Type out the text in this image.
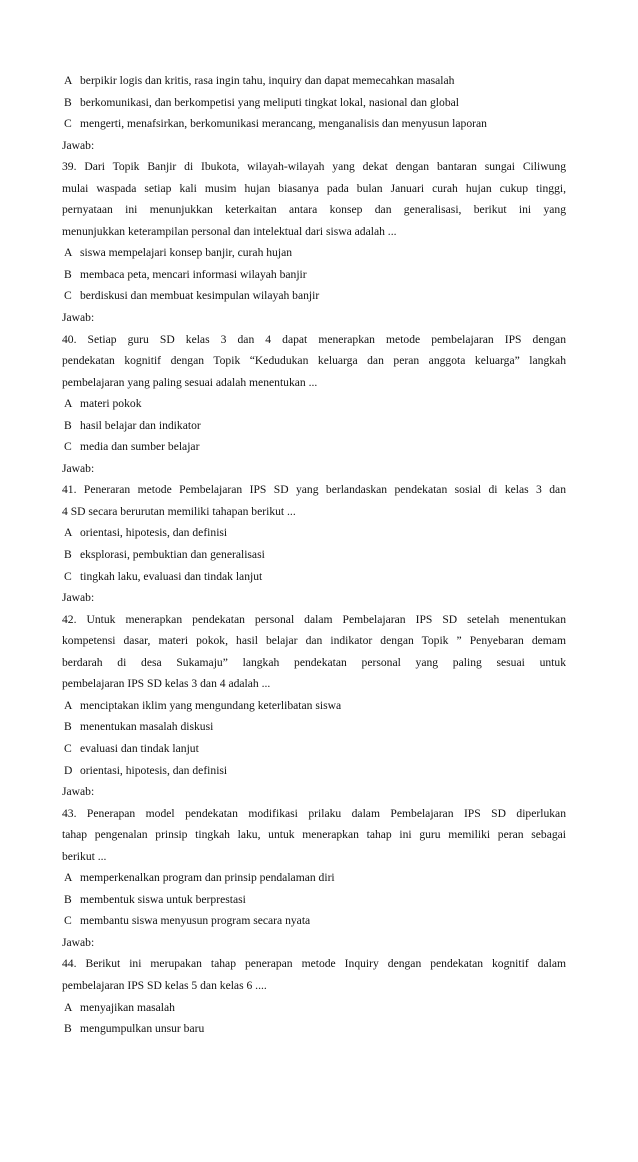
A berpikir logis dan kritis, rasa ingin tahu, inquiry dan dapat memecahkan masalah
B berkomunikasi, dan berkompetisi yang meliputi tingkat lokal, nasional dan global
C mengerti, menafsirkan, berkomunikasi merancang, menganalisis dan menyusun laporan
Jawab:
39. Dari Topik Banjir di Ibukota, wilayah-wilayah yang dekat dengan bantaran sungai Ciliwung
mulai waspada setiap kali musim hujan biasanya pada bulan Januari curah hujan cukup tinggi,
pernyataan ini menunjukkan keterkaitan antara konsep dan generalisasi, berikut ini yang
menunjukkan keterampilan personal dan intelektual dari siswa adalah ...
A siswa mempelajari konsep banjir, curah hujan
B membaca peta, mencari informasi wilayah banjir
C berdiskusi dan membuat kesimpulan wilayah banjir
Jawab:
40. Setiap guru SD kelas 3 dan 4 dapat menerapkan metode pembelajaran IPS dengan
pendekatan kognitif dengan Topik “Kedudukan keluarga dan peran anggota keluarga” langkah
pembelajaran yang paling sesuai adalah menentukan ...
A materi pokok
B hasil belajar dan indikator
C media dan sumber belajar
Jawab:
41. Peneraran metode Pembelajaran IPS SD yang berlandaskan pendekatan sosial di kelas 3 dan
4 SD secara berurutan memiliki tahapan berikut ...
A orientasi, hipotesis, dan definisi
B eksplorasi, pembuktian dan generalisasi
C tingkah laku, evaluasi dan tindak lanjut
Jawab:
42. Untuk menerapkan pendekatan personal dalam Pembelajaran IPS SD setelah menentukan
kompetensi dasar, materi pokok, hasil belajar dan indikator dengan Topik ” Penyebaran demam
berdarah di desa Sukamaju” langkah pendekatan personal yang paling sesuai untuk
pembelajaran IPS SD kelas 3 dan 4 adalah ...
A menciptakan iklim yang mengundang keterlibatan siswa
B menentukan masalah diskusi
C evaluasi dan tindak lanjut
D orientasi, hipotesis, dan definisi
Jawab:
43. Penerapan model pendekatan modifikasi prilaku dalam Pembelajaran IPS SD diperlukan
tahap pengenalan prinsip tingkah laku, untuk menerapkan tahap ini guru memiliki peran sebagai
berikut ...
A memperkenalkan program dan prinsip pendalaman diri
B membentuk siswa untuk berprestasi
C membantu siswa menyusun program secara nyata
Jawab:
44. Berikut ini merupakan tahap penerapan metode Inquiry dengan pendekatan kognitif dalam
pembelajaran IPS SD kelas 5 dan kelas 6 ....
A menyajikan masalah
B mengumpulkan unsur baru
